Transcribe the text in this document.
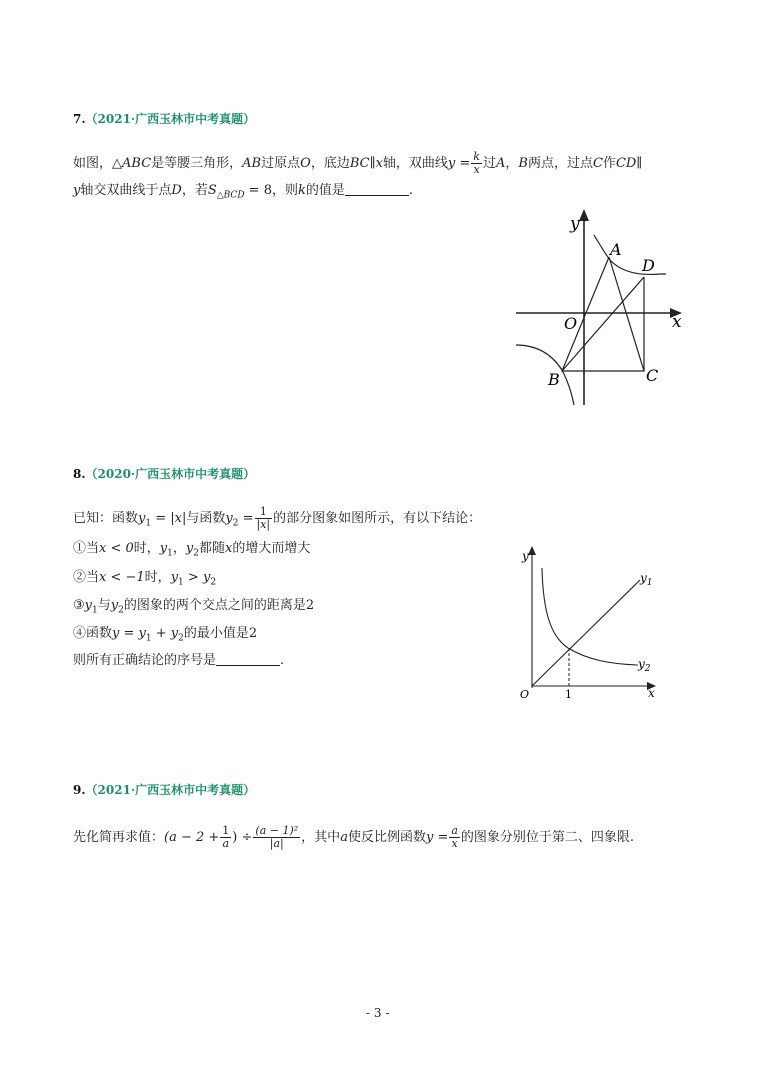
7.（2021·广西玉林市中考真题）
如图，△ABC是等腰三角形，AB过原点O，底边BC∥x轴，双曲线$y = \frac{k}{x}$ 过A，B两点，过点C作CD∥
y轴交双曲线于点D，若$S_{\triangle BCD} = 8$，则k的值是	.
y
x
O
A
D
B	C
8.（2020·广西玉林市中考真题）
已知：函数$y_1 = |x|$与函数$y_2 = \frac{1}{|x|}$ 的部分图象如图所示，有以下结论：
①当x < 0时，$y_1$，$y_2$都随x的增大而增大
②当x < −1时，$y_1 > y_2$
$③y_1$与$y_2$的图象的两个交点之间的距离是2
④函数$y = y_1 + y_2$的最小值是2
则所有正确结论的序号是	.
y
x
O	1
$y_1$
$y_2$
9.（2021·广西玉林市中考真题）
先化简再求值：($a - 2 + \frac{1}{a}$ ) ÷ $\frac{\text{(a − 1)²}}{|a|}$ ，其中a使反比例函数$y = \frac{a}{x}$ 的图象分别位于第二、四象限.
- 3 -
